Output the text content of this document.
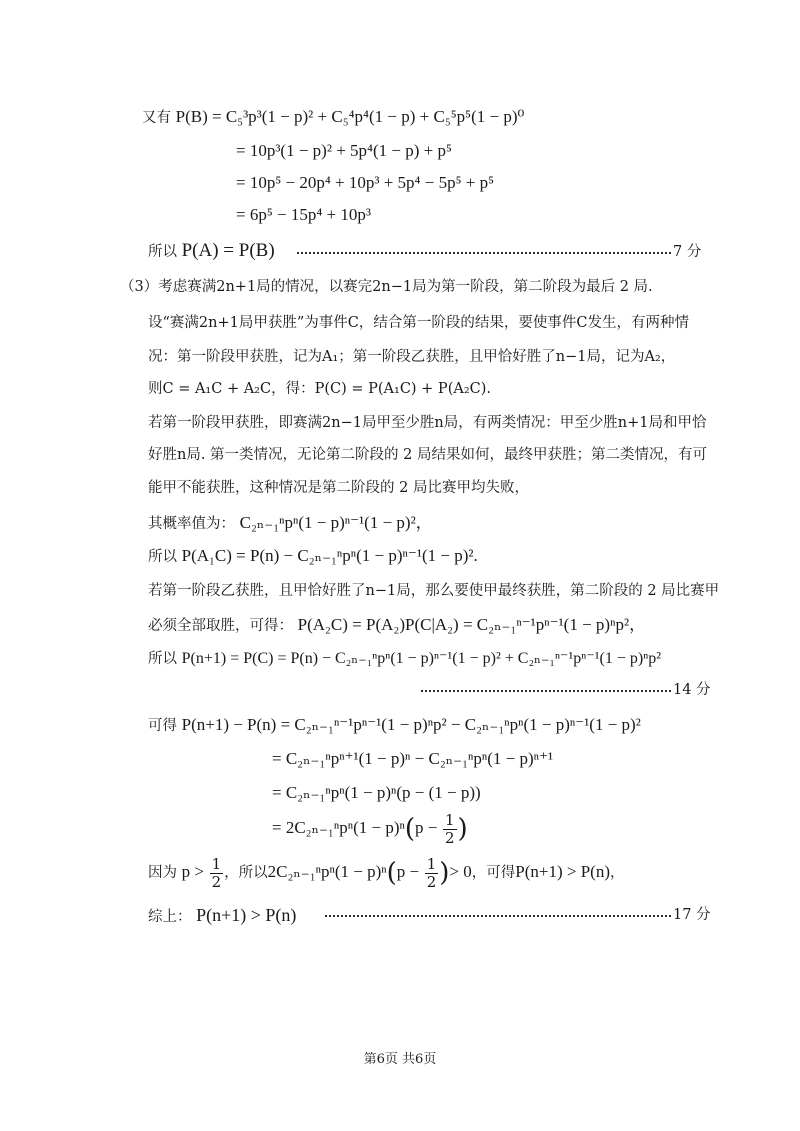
又有 P(B) = C₅³p³(1 − p)² + C₅⁴p⁴(1 − p) + C₅⁵p⁵(1 − p)⁰
= 10p³(1 − p)² + 5p⁴(1 − p) + p⁵
= 10p⁵ − 20p⁴ + 10p³ + 5p⁴ − 5p⁵ + p⁵
= 6p⁵ − 15p⁴ + 10p³
所以 P(A) = P(B)	7 分
（3）考虑赛满2n+1局的情况，以赛完2n−1局为第一阶段，第二阶段为最后 2 局.
设“赛满2n+1局甲获胜”为事件C，结合第一阶段的结果，要使事件C发生，有两种情
况：第一阶段甲获胜，记为A₁；第一阶段乙获胜，且甲恰好胜了n−1局，记为A₂，
则C = A₁C + A₂C，得：P(C) = P(A₁C) + P(A₂C).
若第一阶段甲获胜，即赛满2n−1局甲至少胜n局，有两类情况：甲至少胜n+1局和甲恰
好胜n局. 第一类情况，无论第二阶段的 2 局结果如何，最终甲获胜；第二类情况，有可
能甲不能获胜，这种情况是第二阶段的 2 局比赛甲均失败，
其概率值为： C₂ₙ₋₁ⁿpⁿ(1 − p)ⁿ⁻¹(1 − p)²，
所以 P(A₁C) = P(n) − C₂ₙ₋₁ⁿpⁿ(1 − p)ⁿ⁻¹(1 − p)².
若第一阶段乙获胜，且甲恰好胜了n−1局，那么要使甲最终获胜，第二阶段的 2 局比赛甲
必须全部取胜，可得： P(A₂C) = P(A₂)P(C|A₂) = C₂ₙ₋₁ⁿ⁻¹pⁿ⁻¹(1 − p)ⁿp²，
所以 P(n+1) = P(C) = P(n) − C₂ₙ₋₁ⁿpⁿ(1 − p)ⁿ⁻¹(1 − p)² + C₂ₙ₋₁ⁿ⁻¹pⁿ⁻¹(1 − p)ⁿp²
14 分
可得 P(n+1) − P(n) = C₂ₙ₋₁ⁿ⁻¹pⁿ⁻¹(1 − p)ⁿp² − C₂ₙ₋₁ⁿpⁿ(1 − p)ⁿ⁻¹(1 − p)²
= C₂ₙ₋₁ⁿpⁿ⁺¹(1 − p)ⁿ − C₂ₙ₋₁ⁿpⁿ(1 − p)ⁿ⁺¹
= C₂ₙ₋₁ⁿpⁿ(1 − p)ⁿ(p − (1 − p))
= $2C_{2n-1}^np^n(1 - p)^n(p - \frac{1}{2}$ )
因为 $p > \frac{1}{2}$ ，所以$2C_{2n-1}^np^n(1 - p)^n(p - \frac{1}{2}$ )> 0，可得P(n+1) > P(n)，
综上： P(n+1) > P(n)	17 分
第6页 共6页
